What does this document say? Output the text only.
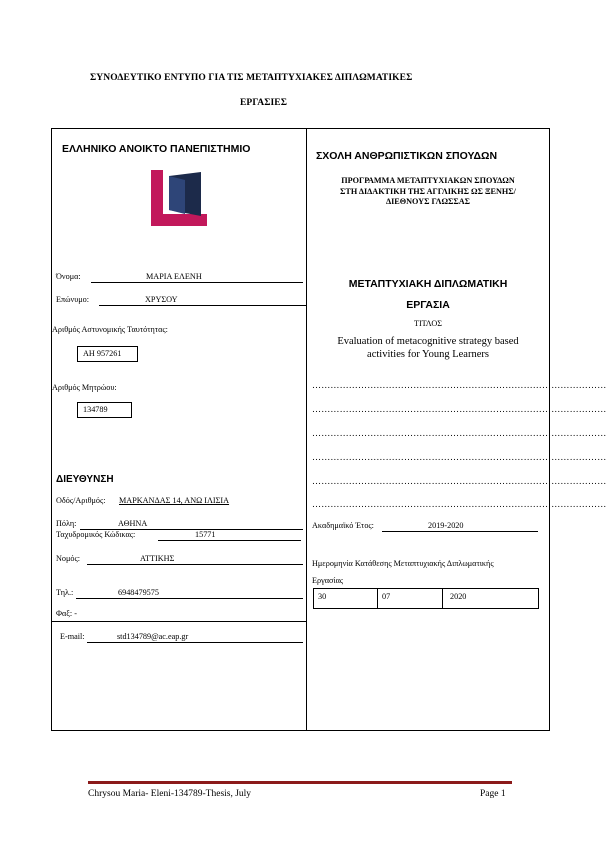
ΣΥΝΟΔΕΥΤΙΚΟ ΕΝΤΥΠΟ ΓΙΑ ΤΙΣ ΜΕΤΑΠΤΥΧΙΑΚΕΣ ΔΙΠΛΩΜΑΤΙΚΕΣ
ΕΡΓΑΣΙΕΣ
ΕΛΛΗΝΙΚΟ ΑΝΟΙΚΤΟ ΠΑΝΕΠΙΣΤΗΜΙΟ
Όνομα:	ΜΑΡΙΑ ΕΛΕΝΗ
Επώνυμο:	ΧΡΥΣΟΥ
Αριθμός Αστυνομικής Ταυτότητας:
ΑΗ 957261
Αριθμός Μητρώου:
134789
ΔΙΕΥΘΥΝΣΗ
Οδός/Αριθμός: ΜΑΡΚΑΝΔΑΣ 14, ΑΝΩ ΙΛΙΣΙΑ
Πόλη:	ΑΘΗΝΑ
Ταχυδρομικός Κώδικας:	15771
Νομός:	ΑΤΤΙΚΗΣ
Τηλ.:	6948479575
Φαξ: -
E-mail:	std134789@ac.eap.gr
ΣΧΟΛΗ ΑΝΘΡΩΠΙΣΤΙΚΩΝ ΣΠΟΥΔΩΝ
ΠΡΟΓΡΑΜΜΑ ΜΕΤΑΠΤΥΧΙΑΚΩΝ ΣΠΟΥΔΩΝ
ΣΤΗ ΔΙΔΑΚΤΙΚΗ ΤΗΣ ΑΓΓΛΙΚΗΣ ΩΣ ΞΕΝΗΣ/
ΔΙΕΘΝΟΥΣ ΓΛΩΣΣΑΣ
ΜΕΤΑΠΤΥΧΙΑΚΗ ΔΙΠΛΩΜΑΤΙΚΗ
ΕΡΓΑΣΙΑ
ΤΙΤΛΟΣ
Evaluation of metacognitive strategy based
activities for Young Learners
……………………………………………………………………………………
……………………………………………………………………………………
……………………………………………………………………………………
……………………………………………………………………………………
……………………………………………………………………………………
……………………………………………………………………………………
Ακαδημαϊκό Έτος:	2019-2020
Ημερομηνία Κατάθεσης Μεταπτυχιακής Διπλωματικής
Εργασίας
30	07	2020
Chrysou Maria- Eleni-134789-Thesis, July	Page 1
